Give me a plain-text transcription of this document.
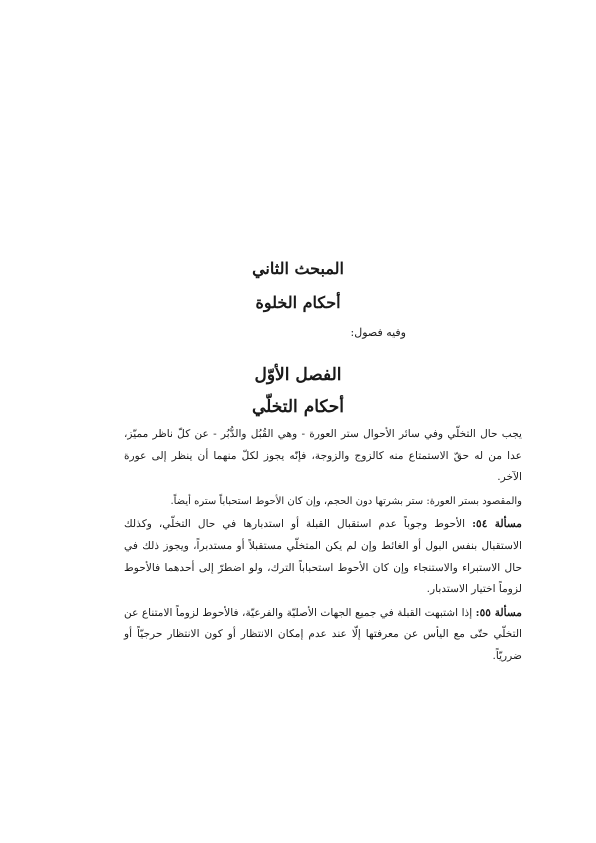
المبحث الثاني
أحكام الخلوة

وفيه فصول:

الفصل الأوّل
أحكام التخلّي

يجب حال التخلّي وفي سائر الأحوال ستر العورة - وهي القُبُل والدُّبُر - عن كلّ ناظر مميّز، عدا من له حقّ الاستمتاع منه كالزوج والزوجة، فإنّه يجوز لكلّ منهما أن ينظر إلى عورة الآخر.

والمقصود بستر العورة: ستر بشرتها دون الحجم، وإن كان الأحوط استحباباً ستره أيضاً.

مسألة ٥٤: الأحوط وجوباً عدم استقبال القبلة أو استدبارها في حال التخلّي، وكذلك الاستقبال بنفس البول أو الغائط وإن لم يكن المتخلّي مستقبلاً أو مستدبراً، ويجوز ذلك في حال الاستبراء والاستنجاء وإن كان الأحوط استحباباً الترك، ولو اضطرّ إلى أحدهما فالأحوط لزوماً اختيار الاستدبار.

مسألة ٥٥: إذا اشتبهت القبلة في جميع الجهات الأصليّة والفرعيّة، فالأحوط لزوماً الامتناع عن التخلّي حتّى مع اليأس عن معرفتها إلّا عند عدم إمكان الانتظار أو كون الانتظار حرجيّاً أو ضرريّاً.
